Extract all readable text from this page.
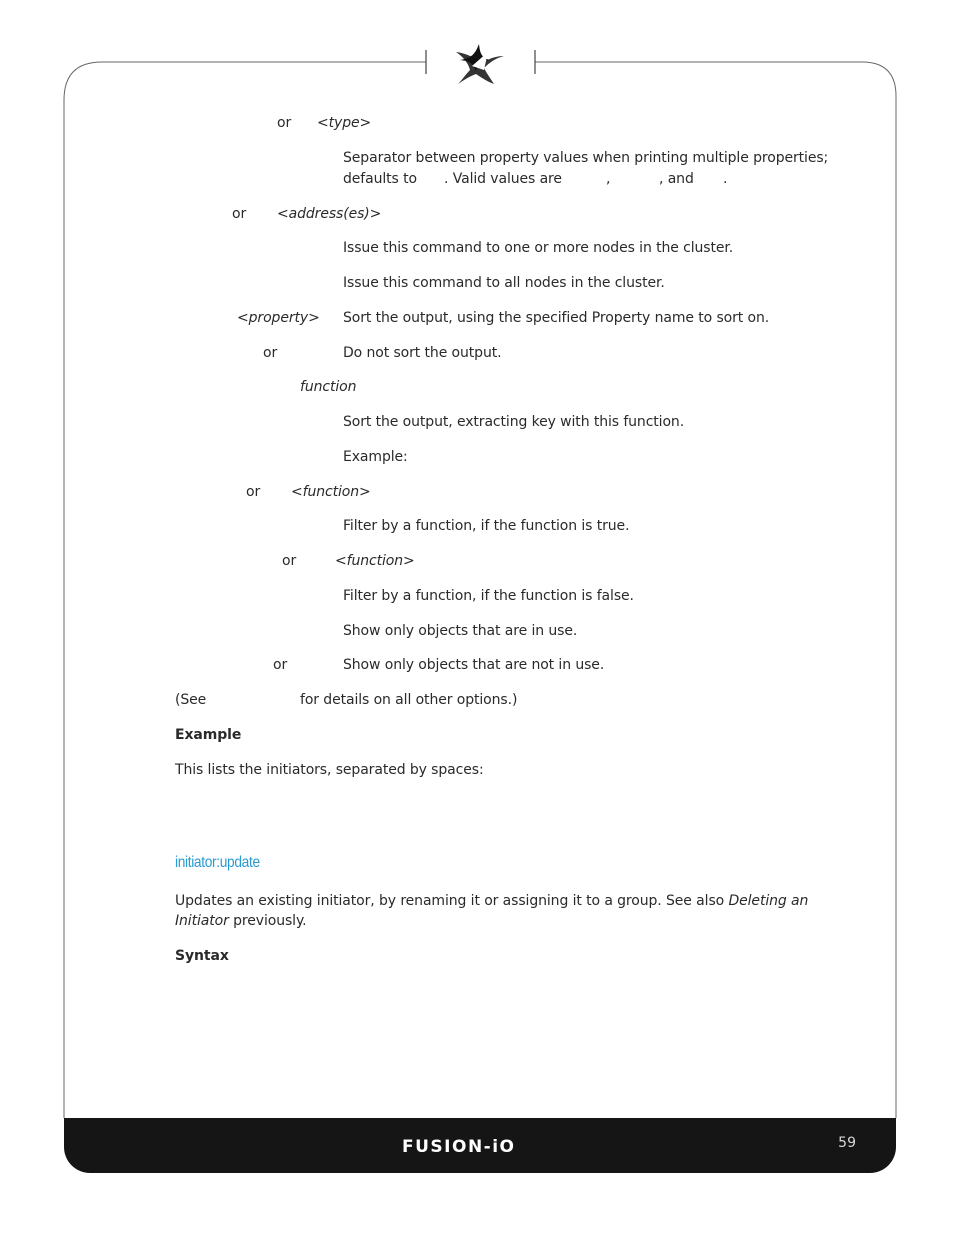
or <type>
Separator between property values when printing multiple properties;
defaults to . Valid values are	,	, and .
or <address(es)>
Issue this command to one or more nodes in the cluster.
Issue this command to all nodes in the cluster.
<property> Sort the output, using the specified Property name to sort on.
or	Do not sort the output.
function
Sort the output, extracting key with this function.
Example:
or <function>
Filter by a function, if the function is true.
or	<function>
Filter by a function, if the function is false.
Show only objects that are in use.
or	Show only objects that are not in use.
(See	for details on all other options.)
Example
This lists the initiators, separated by spaces:
initiator:update
Updates an existing initiator, by renaming it or assigning it to a group. See also Deleting an
Initiator previously.
Syntax
FUSION-iO	59
